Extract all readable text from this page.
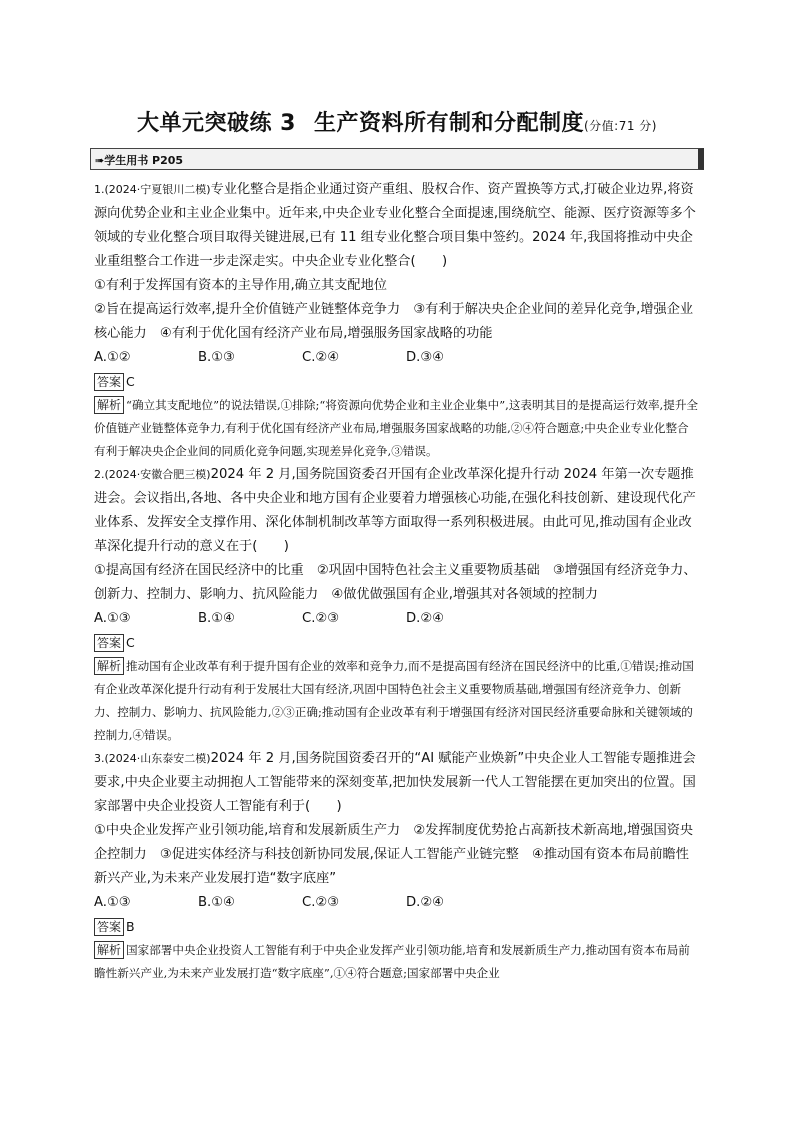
大单元突破练 3 生产资料所有制和分配制度(分值:71 分)
➠学生用书 P205

1.(2024·宁夏银川二模)专业化整合是指企业通过资产重组、股权合作、资产置换等方式,打破企业边界,将资源向优势企业和主业企业集中。近年来,中央企业专业化整合全面提速,围绕航空、能源、医疗资源等多个领域的专业化整合项目取得关键进展,已有 11 组专业化整合项目集中签约。2024 年,我国将推动中央企业重组整合工作进一步走深走实。中央企业专业化整合(　　)

①有利于发挥国有资本的主导作用,确立其支配地位

②旨在提高运行效率,提升全价值链产业链整体竞争力　③有利于解决央企企业间的差异化竞争,增强企业核心能力　④有利于优化国有经济产业布局,增强服务国家战略的功能

A.①②	B.①③	C.②④	D.③④

答案 C

解析 “确立其支配地位”的说法错误,①排除;“将资源向优势企业和主业企业集中”,这表明其目的是提高运行效率,提升全价值链产业链整体竞争力,有利于优化国有经济产业布局,增强服务国家战略的功能,②④符合题意;中央企业专业化整合有利于解决央企企业间的同质化竞争问题,实现差异化竞争,③错误。

2.(2024·安徽合肥三模)2024 年 2 月,国务院国资委召开国有企业改革深化提升行动 2024 年第一次专题推进会。会议指出,各地、各中央企业和地方国有企业要着力增强核心功能,在强化科技创新、建设现代化产业体系、发挥安全支撑作用、深化体制机制改革等方面取得一系列积极进展。由此可见,推动国有企业改革深化提升行动的意义在于(　　)

①提高国有经济在国民经济中的比重　②巩固中国特色社会主义重要物质基础　③增强国有经济竞争力、创新力、控制力、影响力、抗风险能力　④做优做强国有企业,增强其对各领域的控制力

A.①③	B.①④	C.②③	D.②④

答案 C

解析 推动国有企业改革有利于提升国有企业的效率和竞争力,而不是提高国有经济在国民经济中的比重,①错误;推动国有企业改革深化提升行动有利于发展壮大国有经济,巩固中国特色社会主义重要物质基础,增强国有经济竞争力、创新力、控制力、影响力、抗风险能力,②③正确;推动国有企业改革有利于增强国有经济对国民经济重要命脉和关键领域的控制力,④错误。

3.(2024·山东泰安二模)2024 年 2 月,国务院国资委召开的“AI 赋能产业焕新”中央企业人工智能专题推进会要求,中央企业要主动拥抱人工智能带来的深刻变革,把加快发展新一代人工智能摆在更加突出的位置。国家部署中央企业投资人工智能有利于(　　)

①中央企业发挥产业引领功能,培育和发展新质生产力　②发挥制度优势抢占高新技术新高地,增强国资央企控制力　③促进实体经济与科技创新协同发展,保证人工智能产业链完整　④推动国有资本布局前瞻性新兴产业,为未来产业发展打造“数字底座”

A.①③	B.①④	C.②③	D.②④

答案 B

解析 国家部署中央企业投资人工智能有利于中央企业发挥产业引领功能,培育和发展新质生产力,推动国有资本布局前瞻性新兴产业,为未来产业发展打造“数字底座”,①④符合题意;国家部署中央企业
